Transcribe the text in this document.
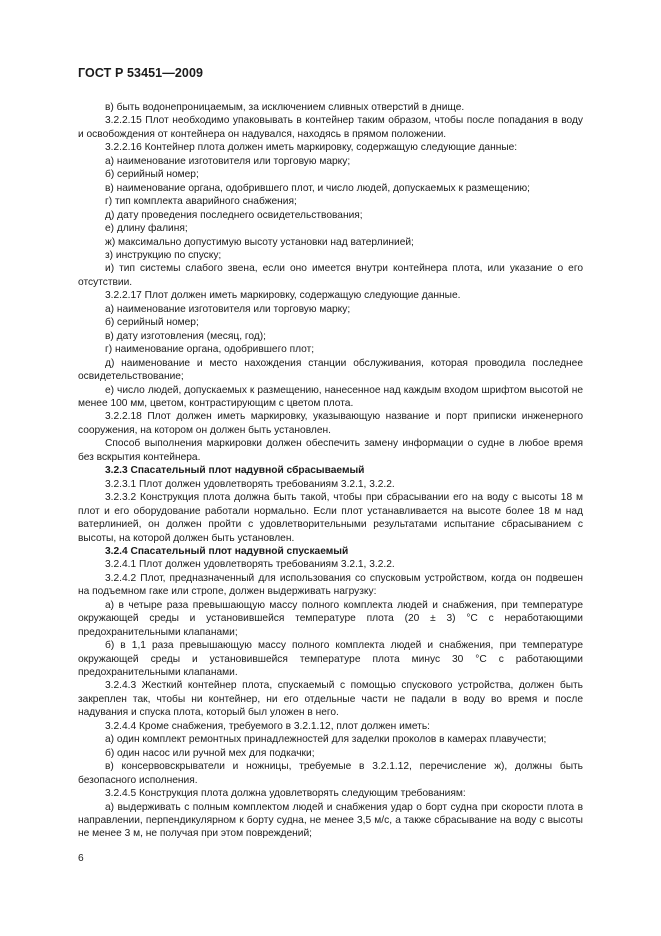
ГОСТ Р 53451—2009

в) быть водонепроницаемым, за исключением сливных отверстий в днище.

3.2.2.15 Плот необходимо упаковывать в контейнер таким образом, чтобы после попадания в воду и освобождения от контейнера он надувался, находясь в прямом положении.

3.2.2.16 Контейнер плота должен иметь маркировку, содержащую следующие данные:

а) наименование изготовителя или торговую марку;

б) серийный номер;

в) наименование органа, одобрившего плот, и число людей, допускаемых к размещению;

г) тип комплекта аварийного снабжения;

д) дату проведения последнего освидетельствования;

е) длину фалиня;

ж) максимально допустимую высоту установки над ватерлинией;

з) инструкцию по спуску;

и) тип системы слабого звена, если оно имеется внутри контейнера плота, или указание о его отсутствии.

3.2.2.17 Плот должен иметь маркировку, содержащую следующие данные.

а) наименование изготовителя или торговую марку;

б) серийный номер;

в) дату изготовления (месяц, год);

г) наименование органа, одобрившего плот;

д) наименование и место нахождения станции обслуживания, которая проводила последнее освидетельствование;

е) число людей, допускаемых к размещению, нанесенное над каждым входом шрифтом высотой не менее 100 мм, цветом, контрастирующим с цветом плота.

3.2.2.18 Плот должен иметь маркировку, указывающую название и порт приписки инженерного сооружения, на котором он должен быть установлен.

Способ выполнения маркировки должен обеспечить замену информации о судне в любое время без вскрытия контейнера.

3.2.3 Спасательный плот надувной сбрасываемый

3.2.3.1 Плот должен удовлетворять требованиям 3.2.1, 3.2.2.

3.2.3.2 Конструкция плота должна быть такой, чтобы при сбрасывании его на воду с высоты 18 м плот и его оборудование работали нормально. Если плот устанавливается на высоте более 18 м над ватерлинией, он должен пройти с удовлетворительными результатами испытание сбрасыванием с высоты, на которой должен быть установлен.

3.2.4 Спасательный плот надувной спускаемый

3.2.4.1 Плот должен удовлетворять требованиям 3.2.1, 3.2.2.

3.2.4.2 Плот, предназначенный для использования со спусковым устройством, когда он подвешен на подъемном гаке или стропе, должен выдерживать нагрузку:

а) в четыре раза превышающую массу полного комплекта людей и снабжения, при температуре окружающей среды и установившейся температуре плота (20 ± 3) °С с неработающими предохранительными клапанами;

б) в 1,1 раза превышающую массу полного комплекта людей и снабжения, при температуре окружающей среды и установившейся температуре плота минус 30 °С с работающими предохранительными клапанами.

3.2.4.3 Жесткий контейнер плота, спускаемый с помощью спускового устройства, должен быть закреплен так, чтобы ни контейнер, ни его отдельные части не падали в воду во время и после надувания и спуска плота, который был уложен в него.

3.2.4.4 Кроме снабжения, требуемого в 3.2.1.12, плот должен иметь:

а) один комплект ремонтных принадлежностей для заделки проколов в камерах плавучести;

б) один насос или ручной мех для подкачки;

в) консервовскрыватели и ножницы, требуемые в 3.2.1.12, перечисление ж), должны быть безопасного исполнения.

3.2.4.5 Конструкция плота должна удовлетворять следующим требованиям:

а) выдерживать с полным комплектом людей и снабжения удар о борт судна при скорости плота в направлении, перпендикулярном к борту судна, не менее 3,5 м/с, а также сбрасывание на воду с высоты не менее 3 м, не получая при этом повреждений;

6
